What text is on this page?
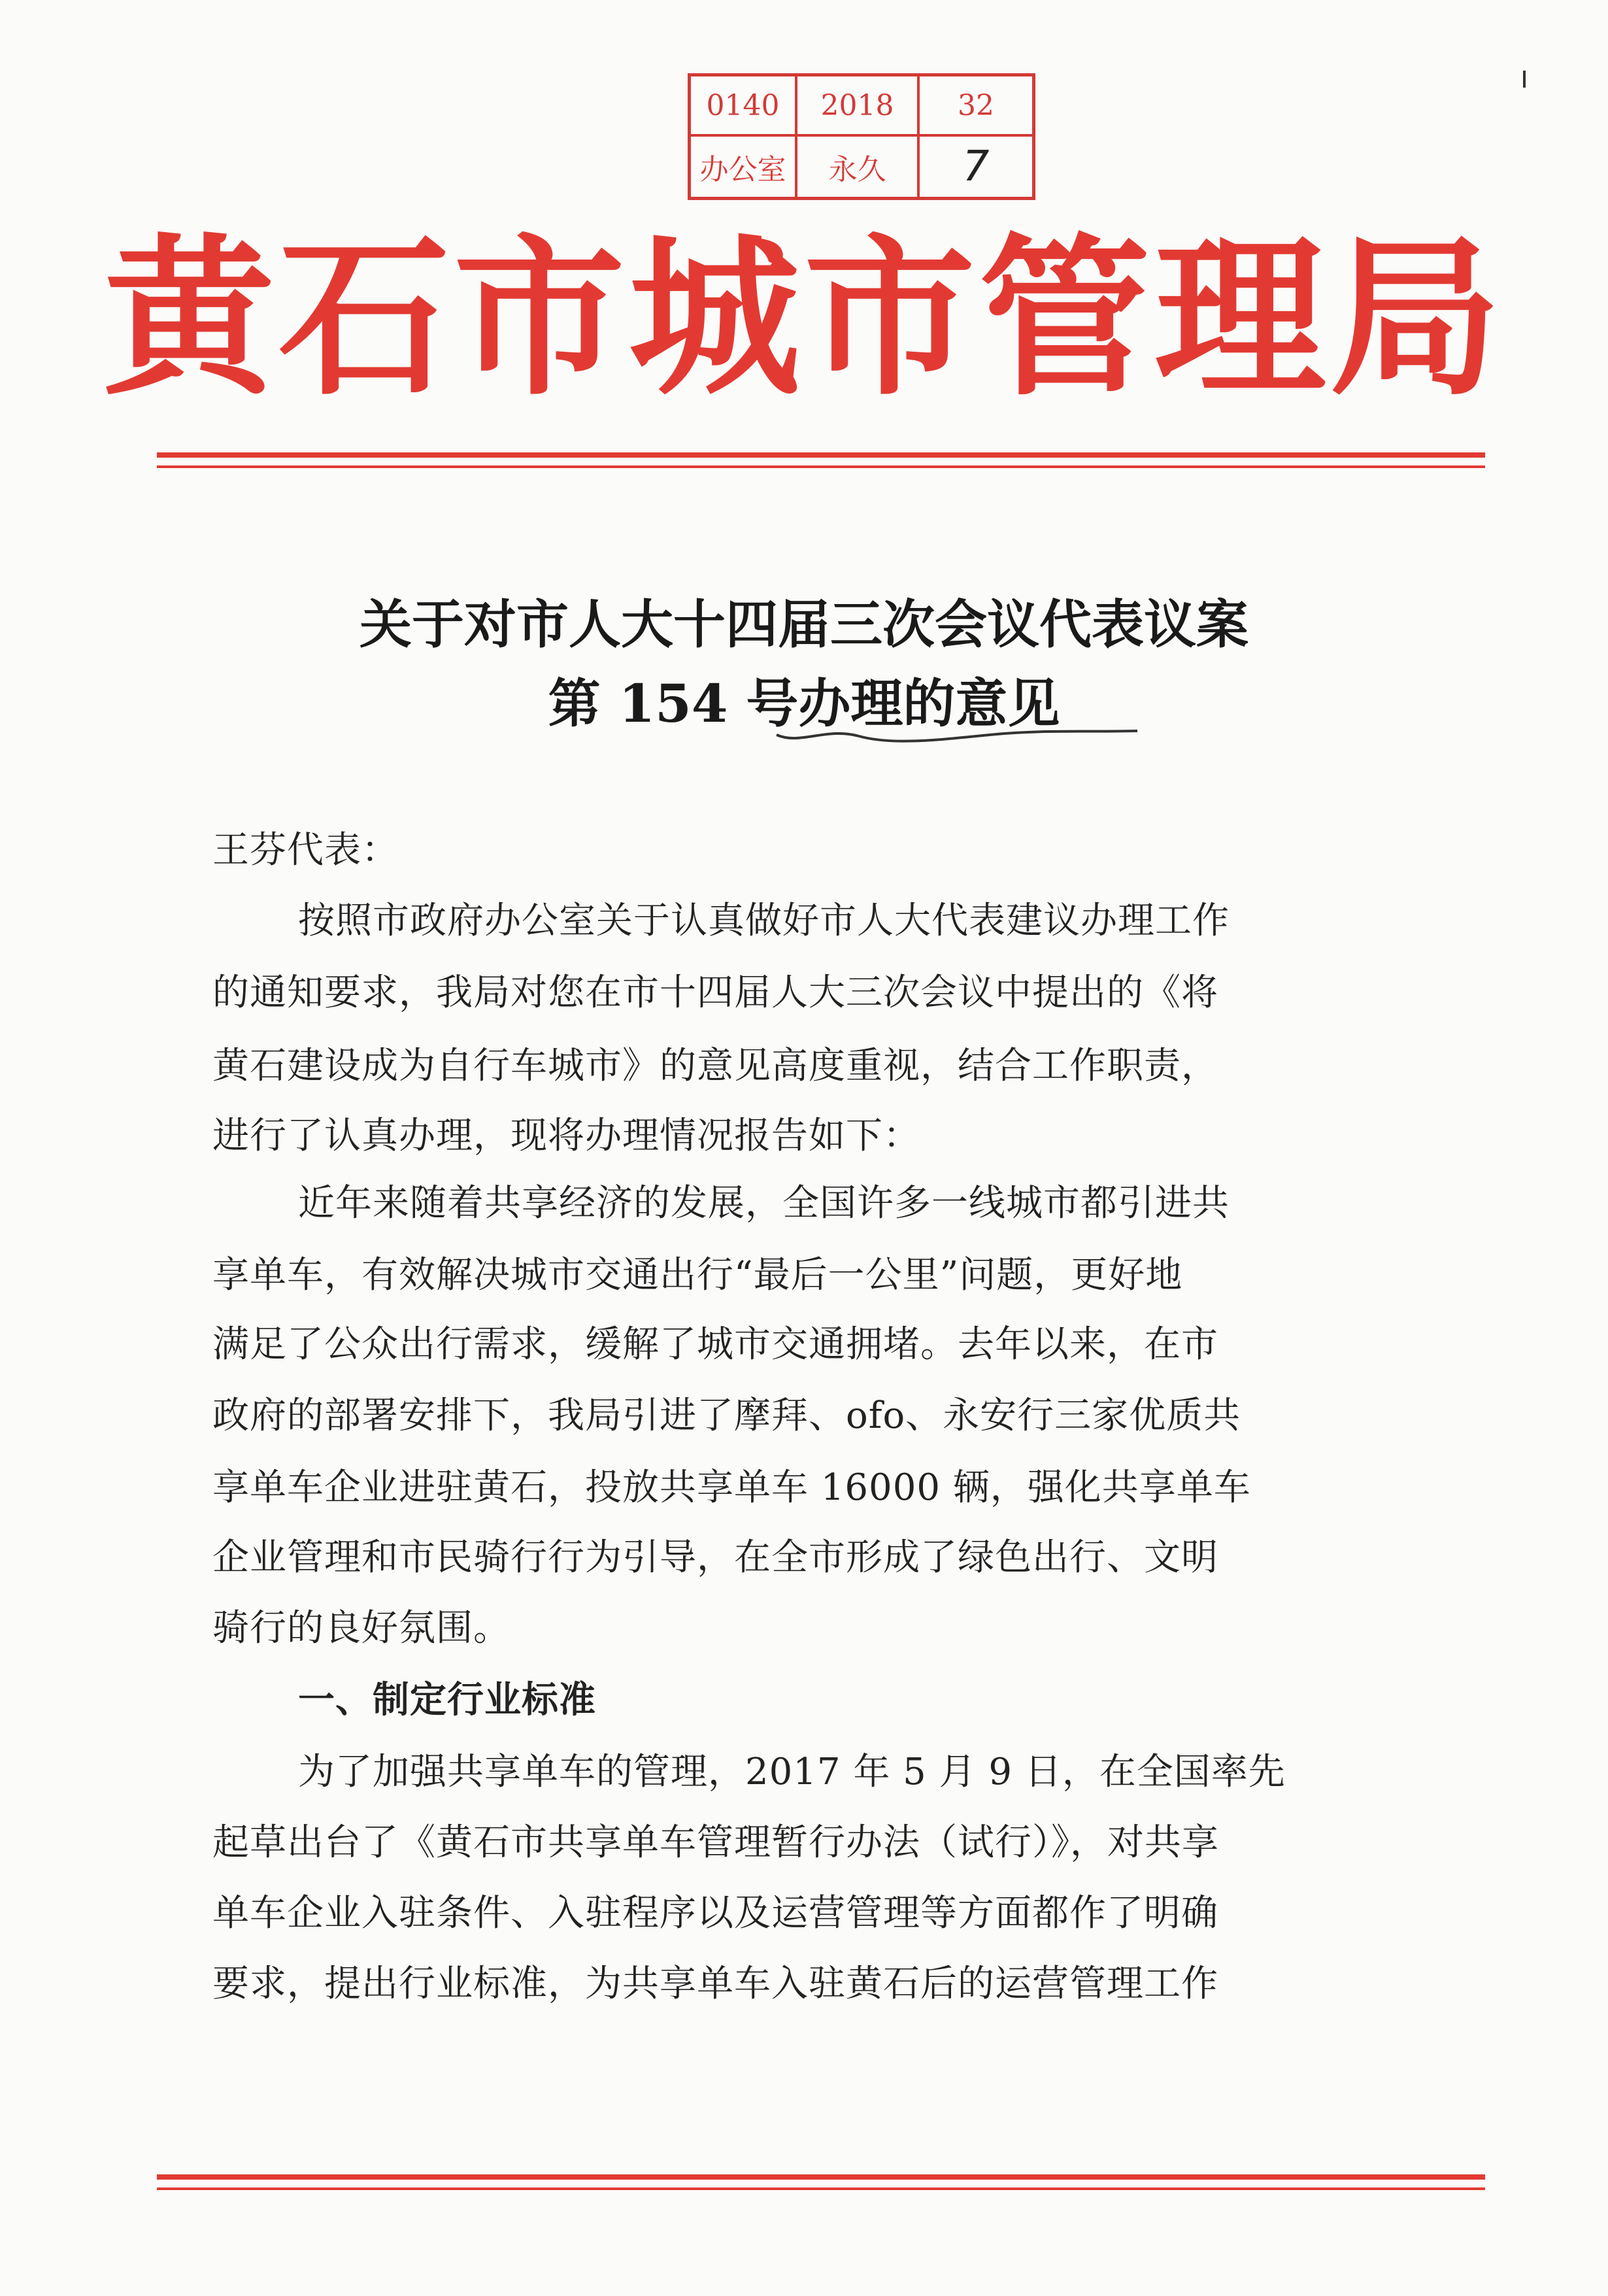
0140	2018	32
办公室	永久	7
黄石市城市管理局
关于对市人大十四届三次会议代表议案
第 154 号办理的意见
王芬代表：
按照市政府办公室关于认真做好市人大代表建议办理工作
的通知要求，我局对您在市十四届人大三次会议中提出的《将
黄石建设成为自行车城市》的意见高度重视，结合工作职责，
进行了认真办理，现将办理情况报告如下：
近年来随着共享经济的发展，全国许多一线城市都引进共
享单车，有效解决城市交通出行“最后一公里”问题，更好地
满足了公众出行需求，缓解了城市交通拥堵。去年以来，在市
政府的部署安排下，我局引进了摩拜、ofo、永安行三家优质共
享单车企业进驻黄石，投放共享单车 16000 辆，强化共享单车
企业管理和市民骑行行为引导，在全市形成了绿色出行、文明
骑行的良好氛围。
一、制定行业标准
为了加强共享单车的管理，2017 年 5 月 9 日，在全国率先
起草出台了《黄石市共享单车管理暂行办法（试行）》，对共享
单车企业入驻条件、入驻程序以及运营管理等方面都作了明确
要求，提出行业标准，为共享单车入驻黄石后的运营管理工作
